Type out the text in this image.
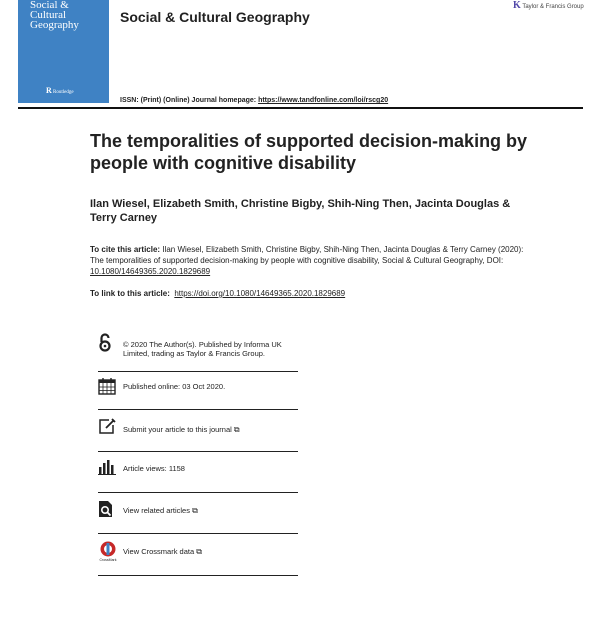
Social &
Cultural
Geography
R Routledge
Social & Cultural Geography
K Taylor & Francis Group
ISSN: (Print) (Online) Journal homepage: https://www.tandfonline.com/loi/rscg20
The temporalities of supported decision-making by people with cognitive disability
Ilan Wiesel, Elizabeth Smith, Christine Bigby, Shih-Ning Then, Jacinta Douglas & Terry Carney
To cite this article: Ilan Wiesel, Elizabeth Smith, Christine Bigby, Shih-Ning Then, Jacinta Douglas & Terry Carney (2020): The temporalities of supported decision-making by people with cognitive disability, Social & Cultural Geography, DOI: 10.1080/14649365.2020.1829689
To link to this article: https://doi.org/10.1080/14649365.2020.1829689
© 2020 The Author(s). Published by Informa UK Limited, trading as Taylor & Francis Group.
Published online: 03 Oct 2020.
Submit your article to this journal ⧉
Article views: 1158
View related articles ⧉
CrossMark
View Crossmark data ⧉
